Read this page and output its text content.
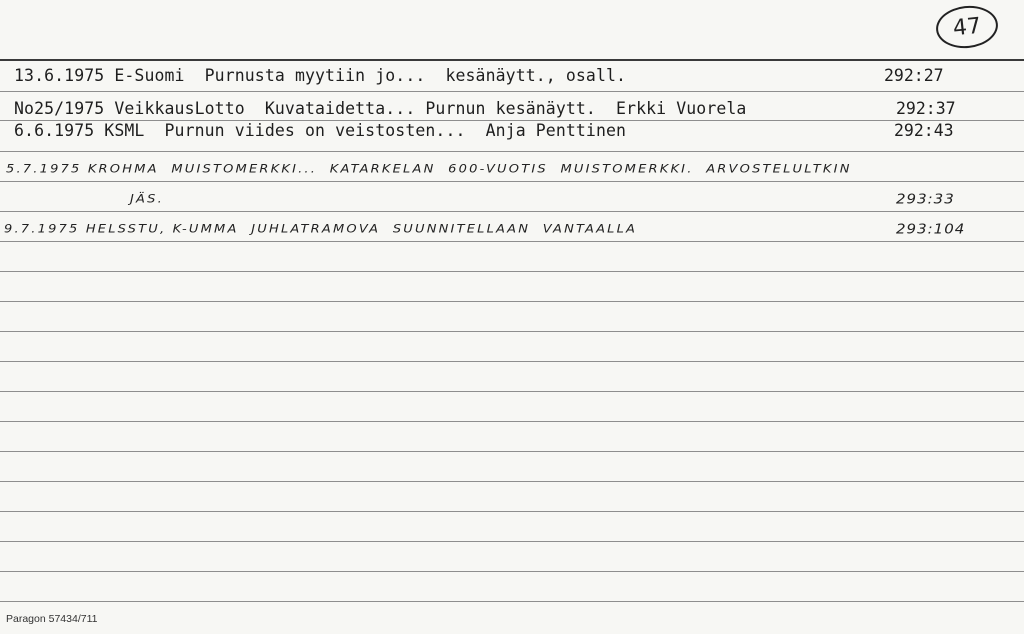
47
13.6.1975 E-Suomi  Purnusta myytiin jo...  kesänäytt., osall.	292:27
No25/1975 VeikkausLotto  Kuvataidetta... Purnun kesänäytt.  Erkki Vuorela	292:37
6.6.1975 KSML  Purnun viides on veistosten...  Anja Penttinen	292:43
5.7.1975 KROHMA  MUISTOMERKKI...  KATARKELAN  600-VUOTIS  MUISTOMERKKI.  ARVOSTELULTKIN
JÄS.	293:33
9.7.1975 HELSSTU, K-UMMA  JUHLATRAMOVA  SUUNNITELLAAN  VANTAALLA	293:104
Paragon 57434/711
